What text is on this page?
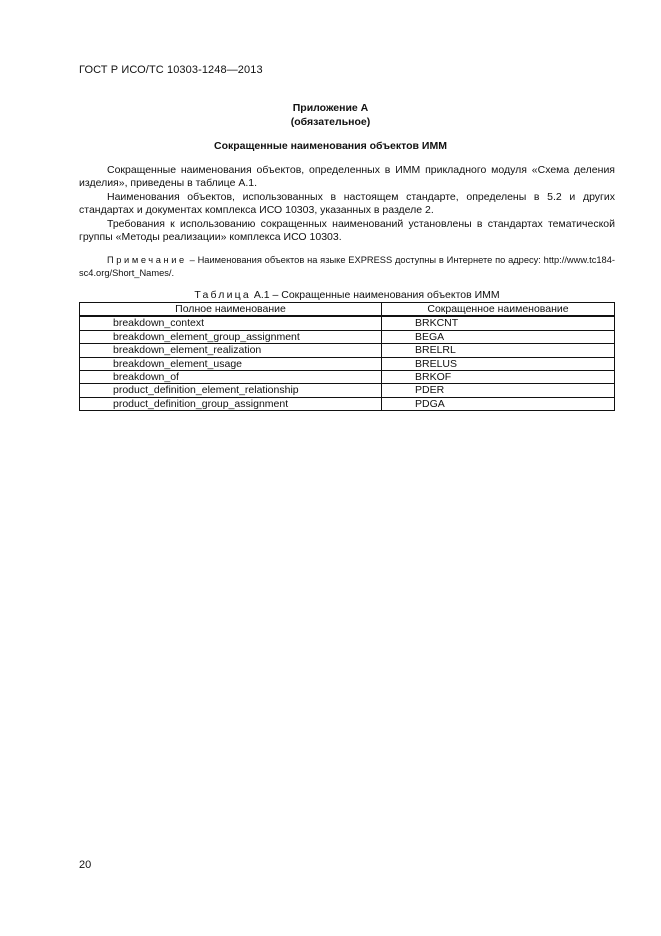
ГОСТ Р ИСО/ТС 10303-1248—2013
Приложение А
(обязательное)
Сокращенные наименования объектов ИММ

Сокращенные наименования объектов, определенных в ИММ прикладного модуля «Схема деления изделия», приведены в таблице А.1.

Наименования объектов, использованных в настоящем стандарте, определены в 5.2 и других стандартах и документах комплекса ИСО 10303, указанных в разделе 2.

Требования к использованию сокращенных наименований установлены в стандартах тематической группы «Методы реализации» комплекса ИСО 10303.

Примечание – Наименования объектов на языке EXPRESS доступны в Интернете по адресу: http://www.tc184-sc4.org/Short_Names/.

Таблица А.1 – Сокращенные наименования объектов ИММ
Полное наименование	Сокращенное наименование
breakdown_context	BRKCNT
breakdown_element_group_assignment	BEGA
breakdown_element_realization	BRELRL
breakdown_element_usage	BRELUS
breakdown_of	BRKOF
product_definition_element_relationship	PDER
product_definition_group_assignment	PDGA
20
